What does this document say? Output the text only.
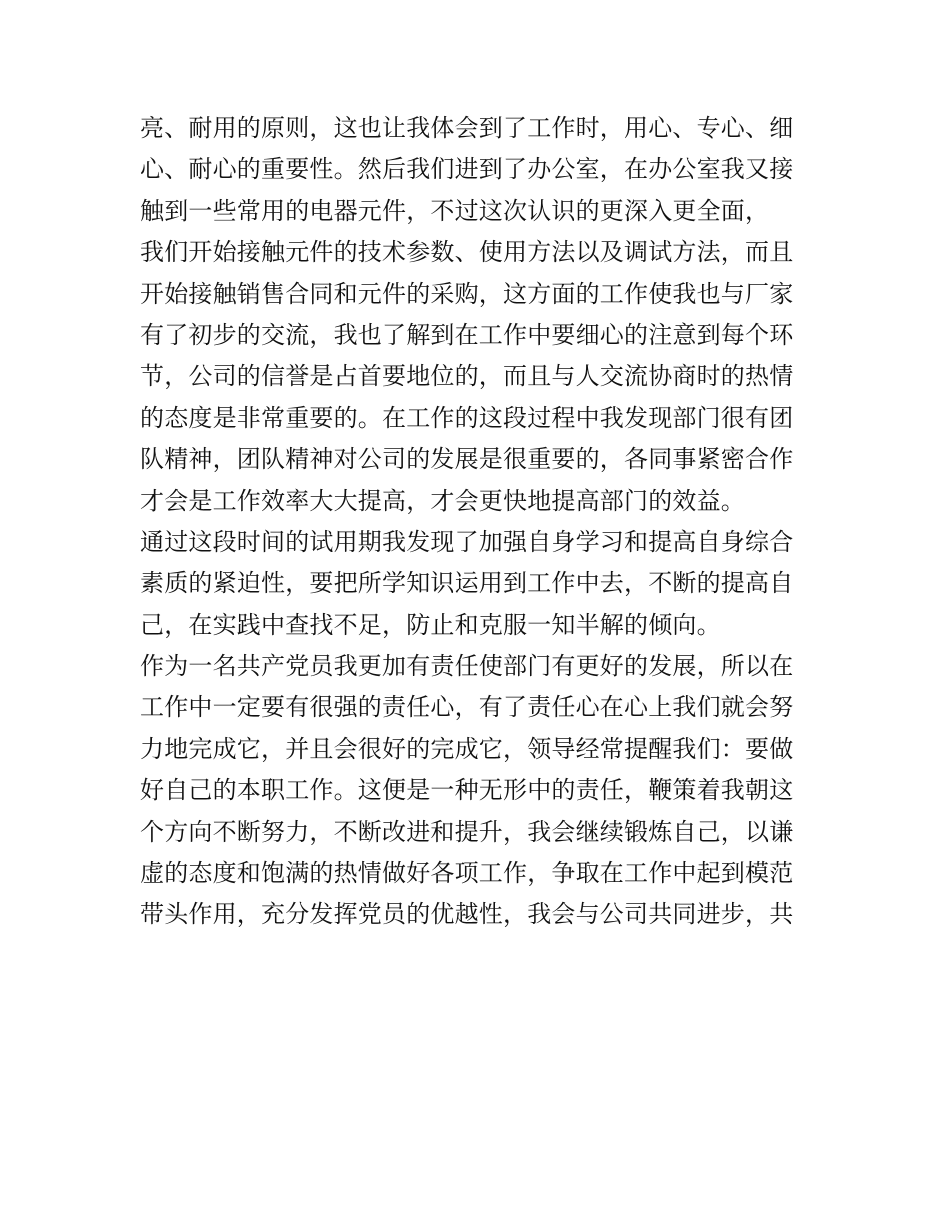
亮、耐用的原则，这也让我体会到了工作时，用心、专心、细
心、耐心的重要性。然后我们进到了办公室，在办公室我又接
触到一些常用的电器元件，不过这次认识的更深入更全面，
我们开始接触元件的技术参数、使用方法以及调试方法，而且
开始接触销售合同和元件的采购，这方面的工作使我也与厂家
有了初步的交流，我也了解到在工作中要细心的注意到每个环
节，公司的信誉是占首要地位的，而且与人交流协商时的热情
的态度是非常重要的。在工作的这段过程中我发现部门很有团
队精神，团队精神对公司的发展是很重要的，各同事紧密合作
才会是工作效率大大提高，才会更快地提高部门的效益。
通过这段时间的试用期我发现了加强自身学习和提高自身综合
素质的紧迫性，要把所学知识运用到工作中去，不断的提高自
己，在实践中查找不足，防止和克服一知半解的倾向。
作为一名共产党员我更加有责任使部门有更好的发展，所以在
工作中一定要有很强的责任心，有了责任心在心上我们就会努
力地完成它，并且会很好的完成它，领导经常提醒我们：要做
好自己的本职工作。这便是一种无形中的责任，鞭策着我朝这
个方向不断努力，不断改进和提升，我会继续锻炼自己，以谦
虚的态度和饱满的热情做好各项工作，争取在工作中起到模范
带头作用，充分发挥党员的优越性，我会与公司共同进步，共
